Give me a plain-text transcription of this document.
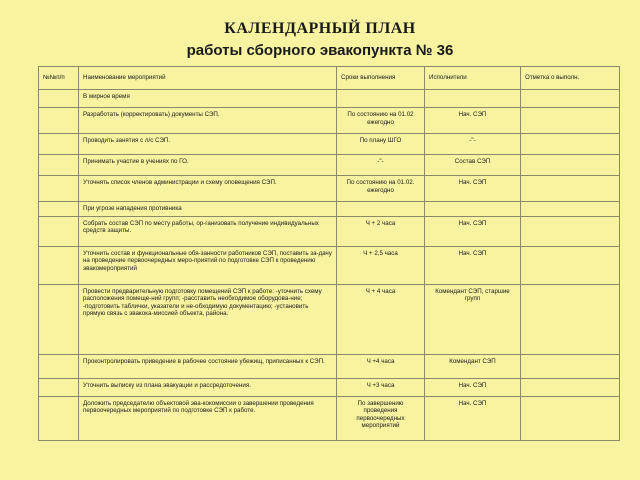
КАЛЕНДАРНЫЙ ПЛАН
работы сборного эвакопункта № 36
№№п/п	Наименование мероприятий	Сроки выполнения	Исполнители	Отметка о выполн.
	В мирное время			
	Разработать (корректировать) документы СЭП.	По состоянию на 01.02 ежегодно	Нач. СЭП	
	Проводить занятия с л/с СЭП.	По плану ШГО	-"-	
	Принимать участие в учениях по ГО.	-"-	Состав СЭП	
	Уточнять список членов администрации и схему оповещения СЭП.	По состоянию на 01.02. ежегодно	Нач. СЭП	
	При угрозе нападения противника			
	Собрать состав СЭП по месту работы, ор-ганизовать получение индивидуальных средств защиты.	Ч + 2 часа	Нач. СЭП	
	Уточнить состав и функциональные обя-занности работников СЭП, поставить за-дачу на проведение первоочередных меро-приятий по подготовке СЭП к проведению эвакомероприятий	Ч + 2,5 часа	Нач. СЭП	
	Провести предварительную подготовку помещений СЭП к работе: -уточнить схему расположения помеще-ний групп; -расставить необходимое оборудова-ние; -подготовить таблички, указатели и не-обходимую документацию; -установить прямую связь с эвакока-миссией объекта, района.	Ч + 4 часа	Комендант СЭП, старшие групп	
	Проконтролировать приведение в рабочее состояние убежищ, приписанных к СЭП.	Ч +4 часа	Комендант СЭП	
	Уточнить выписку из плана эвакуации и рассредоточения.	Ч +3 часа	Нач. СЭП	
	Доложить председателю объектовой эва-кокомиссии о завершении проведения первоочередных мероприятий по подготовке СЭП к работе.	По завершению проведения первоочередных мероприятий	Нач. СЭП	
